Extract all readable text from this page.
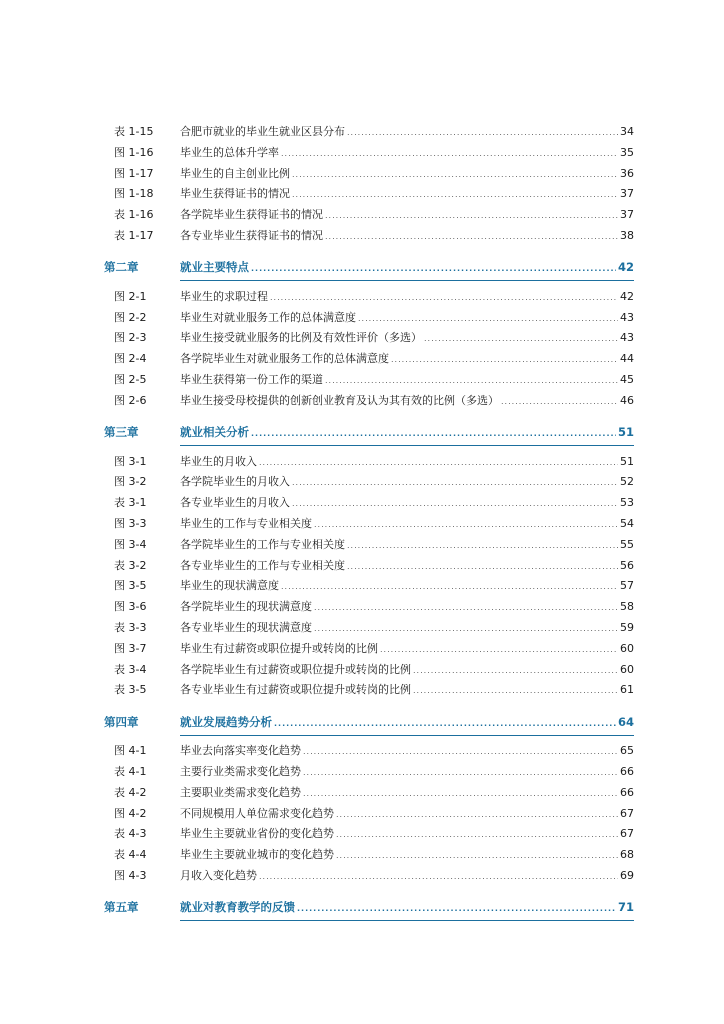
表 1-15	合肥市就业的毕业生就业区县分布 .....	34
图 1-16	毕业生的总体升学率 .....	35
图 1-17	毕业生的自主创业比例 .....	36
图 1-18	毕业生获得证书的情况 .....	37
表 1-16	各学院毕业生获得证书的情况 .....	37
表 1-17	各专业毕业生获得证书的情况 .....	38
第二章	就业主要特点 .....	42
图 2-1	毕业生的求职过程 .....	42
图 2-2	毕业生对就业服务工作的总体满意度 .....	43
图 2-3	毕业生接受就业服务的比例及有效性评价（多选） .....	43
图 2-4	各学院毕业生对就业服务工作的总体满意度 .....	44
图 2-5	毕业生获得第一份工作的渠道 .....	45
图 2-6	毕业生接受母校提供的创新创业教育及认为其有效的比例（多选） .....	46
第三章	就业相关分析 .....	51
图 3-1	毕业生的月收入 .....	51
图 3-2	各学院毕业生的月收入 .....	52
表 3-1	各专业毕业生的月收入 .....	53
图 3-3	毕业生的工作与专业相关度 .....	54
图 3-4	各学院毕业生的工作与专业相关度 .....	55
表 3-2	各专业毕业生的工作与专业相关度 .....	56
图 3-5	毕业生的现状满意度 .....	57
图 3-6	各学院毕业生的现状满意度 .....	58
表 3-3	各专业毕业生的现状满意度 .....	59
图 3-7	毕业生有过薪资或职位提升或转岗的比例 .....	60
表 3-4	各学院毕业生有过薪资或职位提升或转岗的比例 .....	60
表 3-5	各专业毕业生有过薪资或职位提升或转岗的比例 .....	61
第四章	就业发展趋势分析 .....	64
图 4-1	毕业去向落实率变化趋势 .....	65
表 4-1	主要行业类需求变化趋势 .....	66
表 4-2	主要职业类需求变化趋势 .....	66
图 4-2	不同规模用人单位需求变化趋势 .....	67
表 4-3	毕业生主要就业省份的变化趋势 .....	67
表 4-4	毕业生主要就业城市的变化趋势 .....	68
图 4-3	月收入变化趋势 .....	69
第五章	就业对教育教学的反馈 .....	71
